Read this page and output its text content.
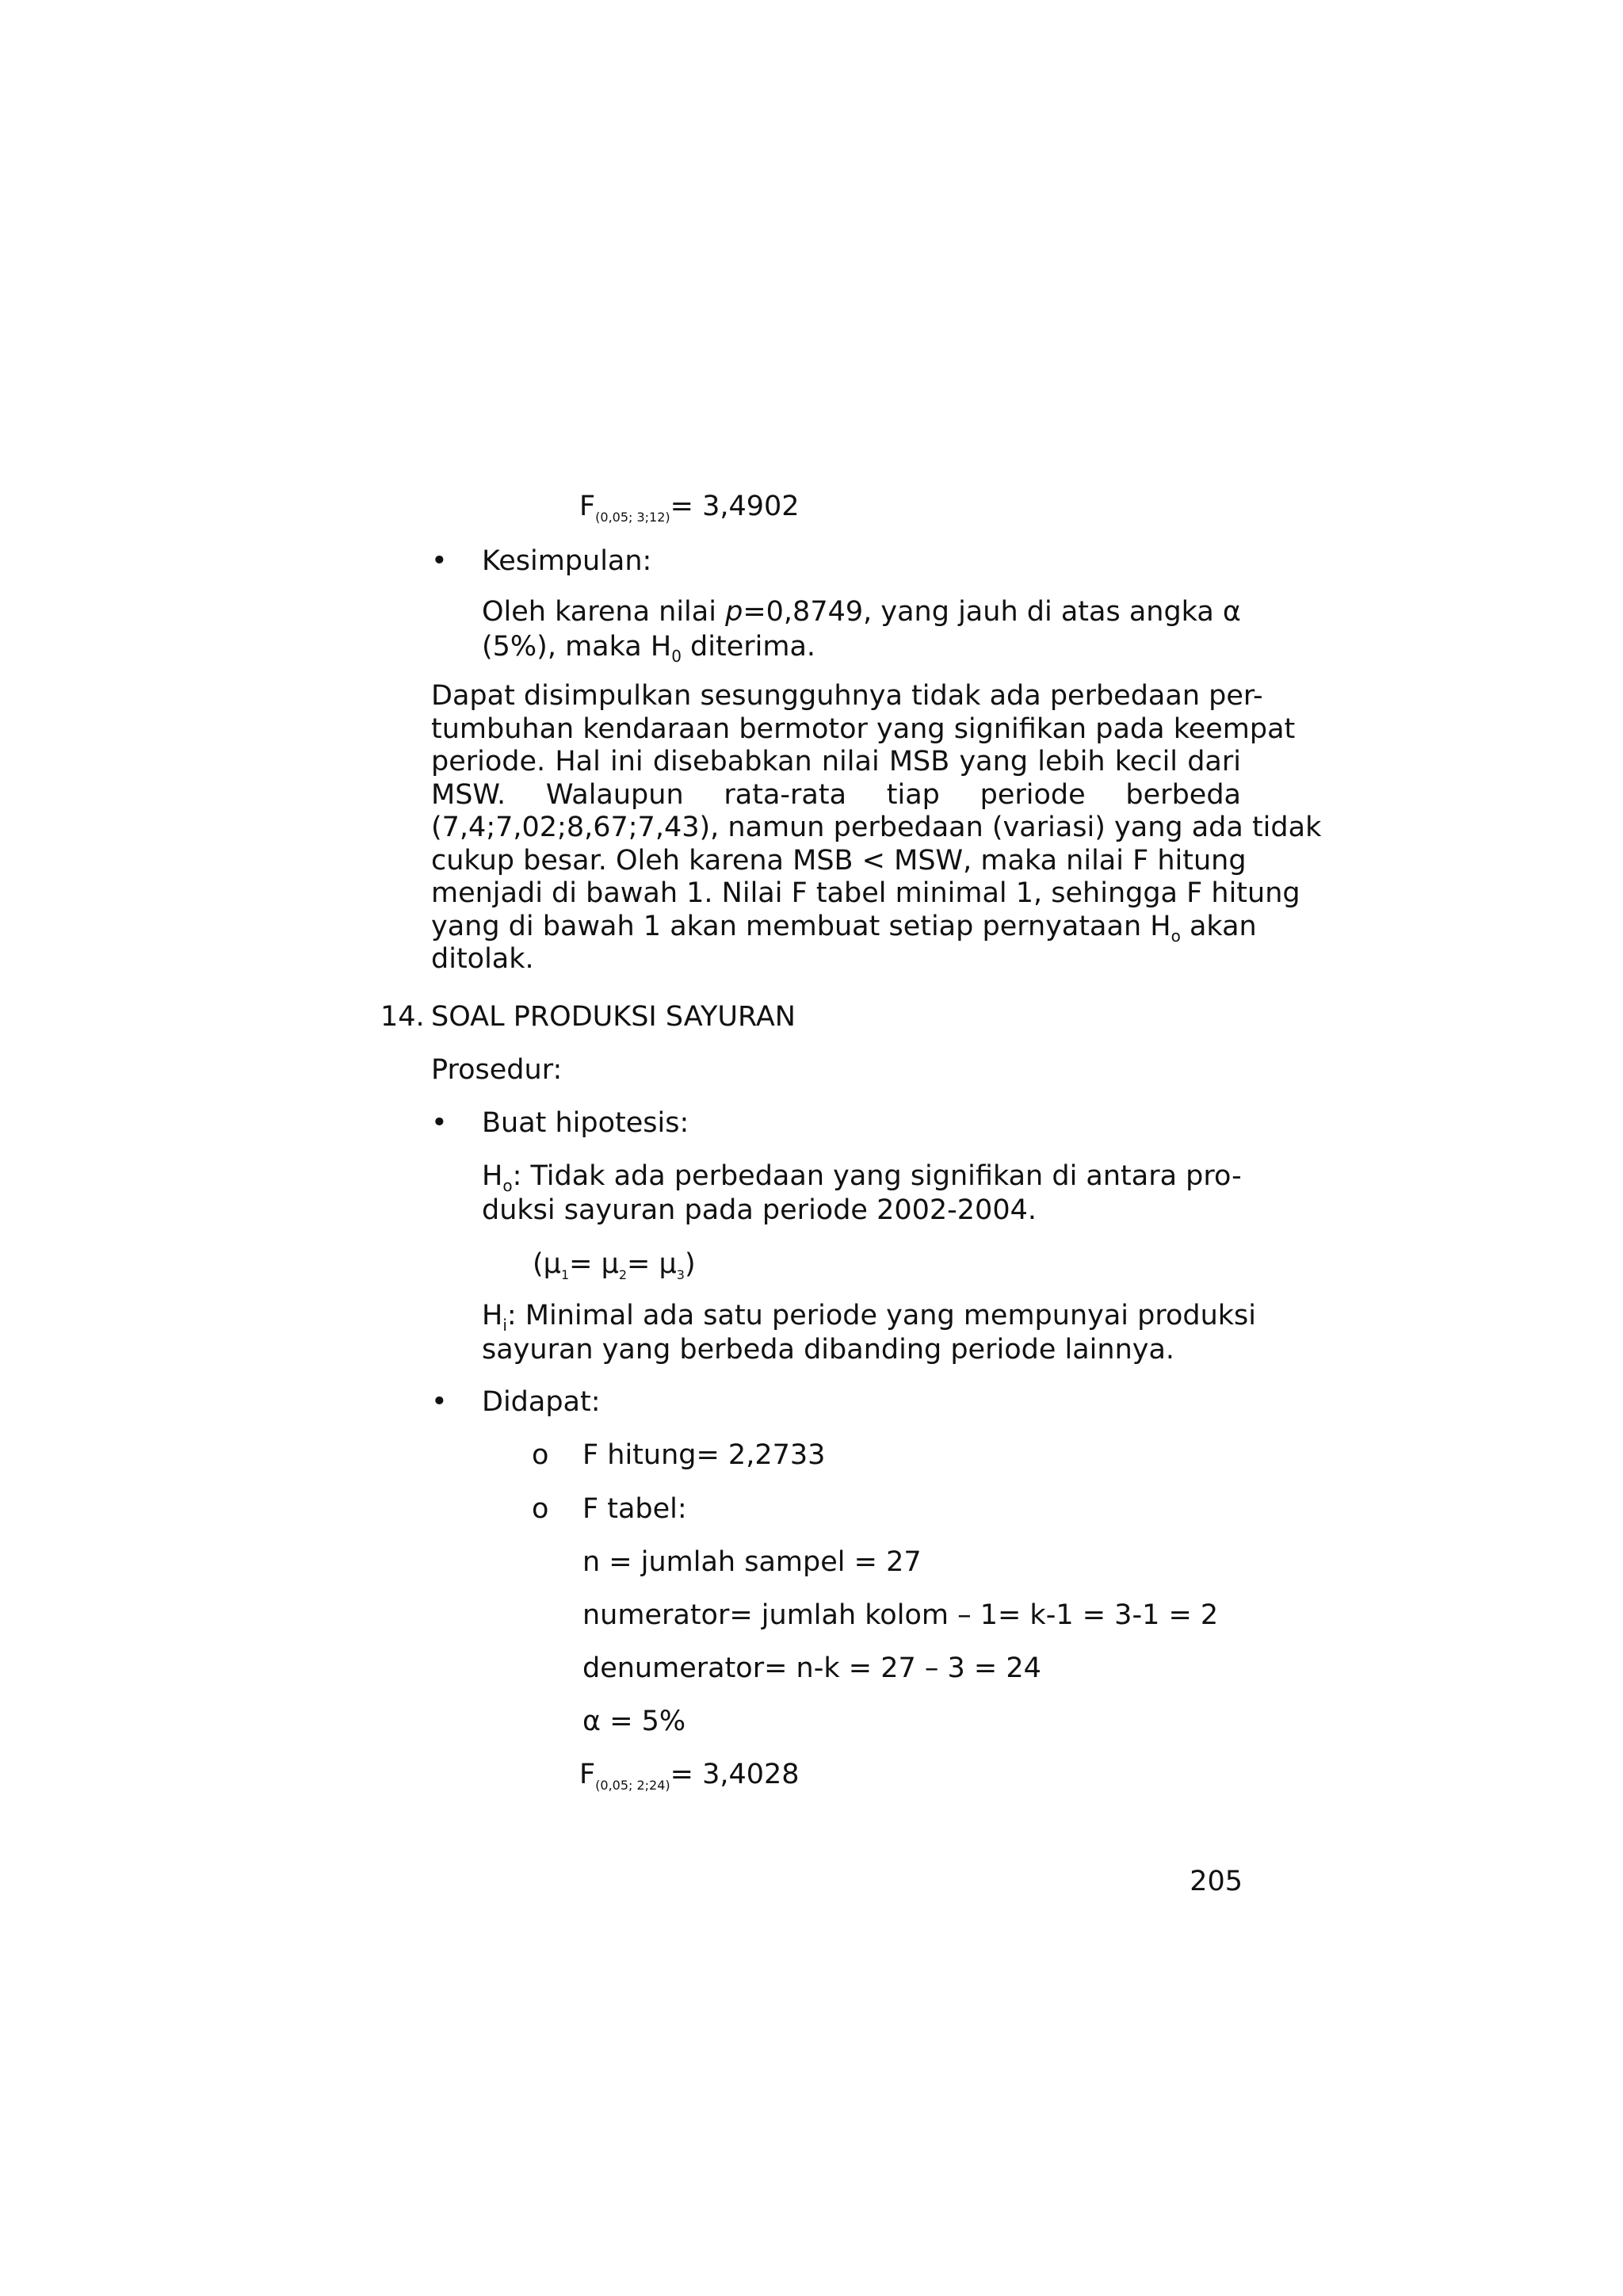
$F_{(0,05; 3;12)}= 3,4902$
• Kesimpulan:
Oleh karena nilai p=0,8749, yang jauh di atas angka α
(5%), maka $H_0$ diterima.
Dapat disimpulkan sesungguhnya tidak ada perbedaan per-
tumbuhan kendaraan bermotor yang signifikan pada keempat
periode. Hal ini disebabkan nilai MSB yang lebih kecil dari
MSW. Walaupun rata-rata tiap periode berbeda
(7,4;7,02;8,67;7,43), namun perbedaan (variasi) yang ada tidak
cukup besar. Oleh karena MSB < MSW, maka nilai F hitung
menjadi di bawah 1. Nilai F tabel minimal 1, sehingga F hitung
yang di bawah 1 akan membuat setiap pernyataan $H_o$ akan
ditolak.
14. SOAL PRODUKSI SAYURAN
Prosedur:
• Buat hipotesis:
$H_o$: Tidak ada perbedaan yang signifikan di antara pro-
duksi sayuran pada periode 2002-2004.
$(\mu_1= \mu_2= \mu_3)$
$H_i$: Minimal ada satu periode yang mempunyai produksi
sayuran yang berbeda dibanding periode lainnya.
• Didapat:
o F hitung= 2,2733
o F tabel:
n = jumlah sampel = 27
numerator= jumlah kolom – 1= k-1 = 3-1 = 2
denumerator= n-k = 27 – 3 = 24
α = 5%
$F_{(0,05; 2;24)}= 3,4028$
205
